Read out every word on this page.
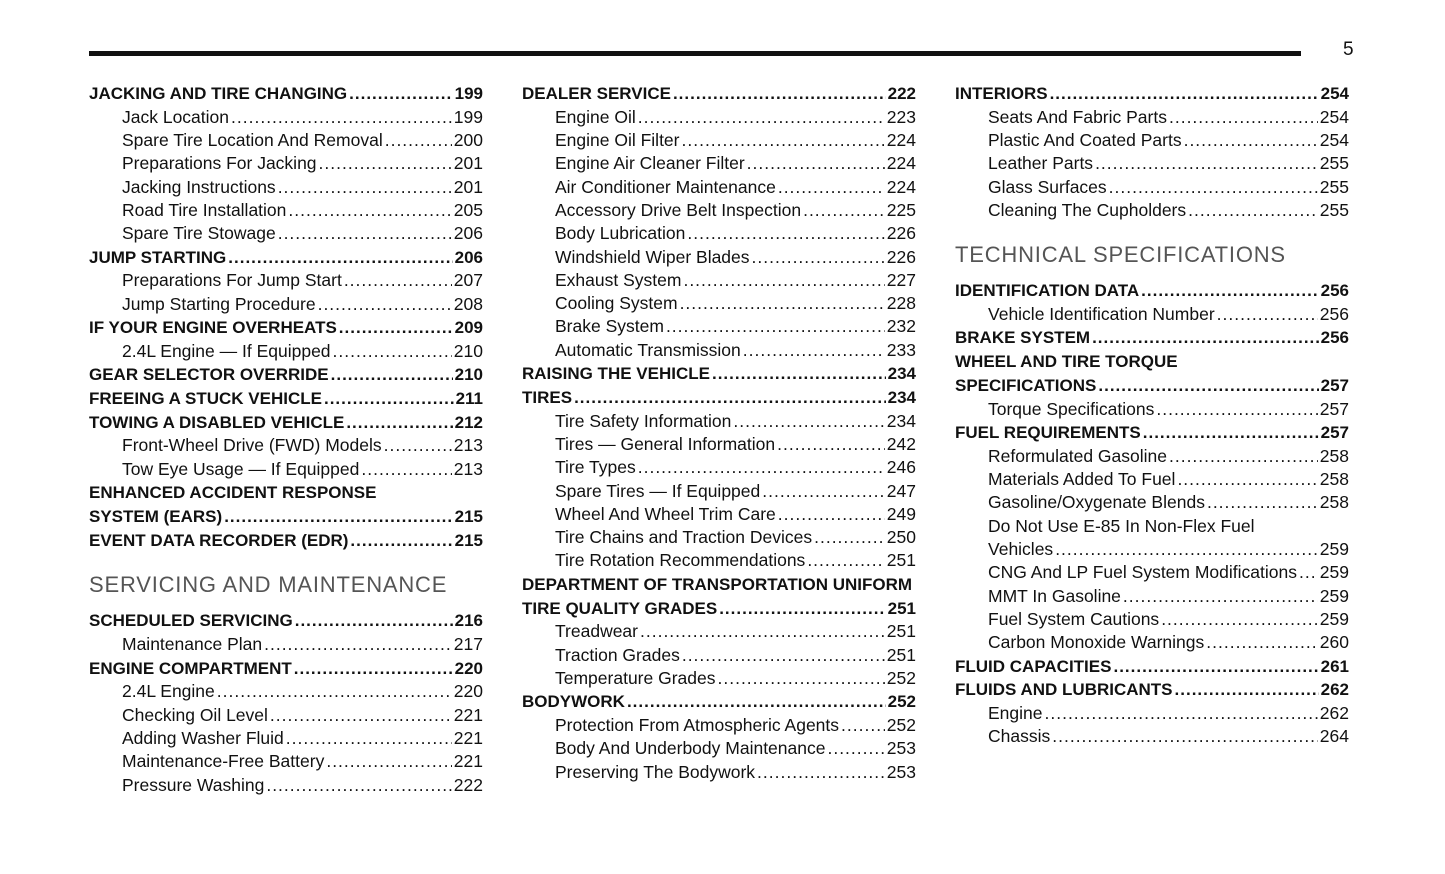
5
JACKING AND TIRE CHANGING .....	199
Jack Location .....	199
Spare Tire Location And Removal .....	200
Preparations For Jacking .....	201
Jacking Instructions .....	201
Road Tire Installation .....	205
Spare Tire Stowage .....	206
JUMP STARTING .....	206
Preparations For Jump Start .....	207
Jump Starting Procedure .....	208
IF YOUR ENGINE OVERHEATS .....	209
2.4L Engine — If Equipped .....	210
GEAR SELECTOR OVERRIDE .....	210
FREEING A STUCK VEHICLE .....	211
TOWING A DISABLED VEHICLE .....	212
Front-Wheel Drive (FWD) Models .....	213
Tow Eye Usage — If Equipped .....	213
ENHANCED ACCIDENT RESPONSE
SYSTEM (EARS) .....	215
EVENT DATA RECORDER (EDR) .....	215
SERVICING AND MAINTENANCE
SCHEDULED SERVICING .....	216
Maintenance Plan .....	217
ENGINE COMPARTMENT .....	220
2.4L Engine .....	220
Checking Oil Level .....	221
Adding Washer Fluid .....	221
Maintenance-Free Battery .....	221
Pressure Washing .....	222
DEALER SERVICE .....	222
Engine Oil .....	223
Engine Oil Filter .....	224
Engine Air Cleaner Filter .....	224
Air Conditioner Maintenance .....	224
Accessory Drive Belt Inspection .....	225
Body Lubrication .....	226
Windshield Wiper Blades .....	226
Exhaust System .....	227
Cooling System .....	228
Brake System .....	232
Automatic Transmission .....	233
RAISING THE VEHICLE .....	234
TIRES .....	234
Tire Safety Information .....	234
Tires — General Information .....	242
Tire Types .....	246
Spare Tires — If Equipped .....	247
Wheel And Wheel Trim Care .....	249
Tire Chains and Traction Devices .....	250
Tire Rotation Recommendations .....	251
DEPARTMENT OF TRANSPORTATION UNIFORM
TIRE QUALITY GRADES .....	251
Treadwear .....	251
Traction Grades .....	251
Temperature Grades .....	252
BODYWORK .....	252
Protection From Atmospheric Agents .....	252
Body And Underbody Maintenance .....	253
Preserving The Bodywork .....	253
INTERIORS .....	254
Seats And Fabric Parts .....	254
Plastic And Coated Parts .....	254
Leather Parts .....	255
Glass Surfaces .....	255
Cleaning The Cupholders .....	255
TECHNICAL SPECIFICATIONS
IDENTIFICATION DATA .....	256
Vehicle Identification Number .....	256
BRAKE SYSTEM .....	256
WHEEL AND TIRE TORQUE
SPECIFICATIONS .....	257
Torque Specifications .....	257
FUEL REQUIREMENTS .....	257
Reformulated Gasoline .....	258
Materials Added To Fuel .....	258
Gasoline/Oxygenate Blends .....	258
Do Not Use E-85 In Non-Flex Fuel
Vehicles .....	259
CNG And LP Fuel System Modifications ..... 259
MMT In Gasoline .....	259
Fuel System Cautions .....	259
Carbon Monoxide Warnings .....	260
FLUID CAPACITIES .....	261
FLUIDS AND LUBRICANTS .....	262
Engine .....	262
Chassis .....	264
